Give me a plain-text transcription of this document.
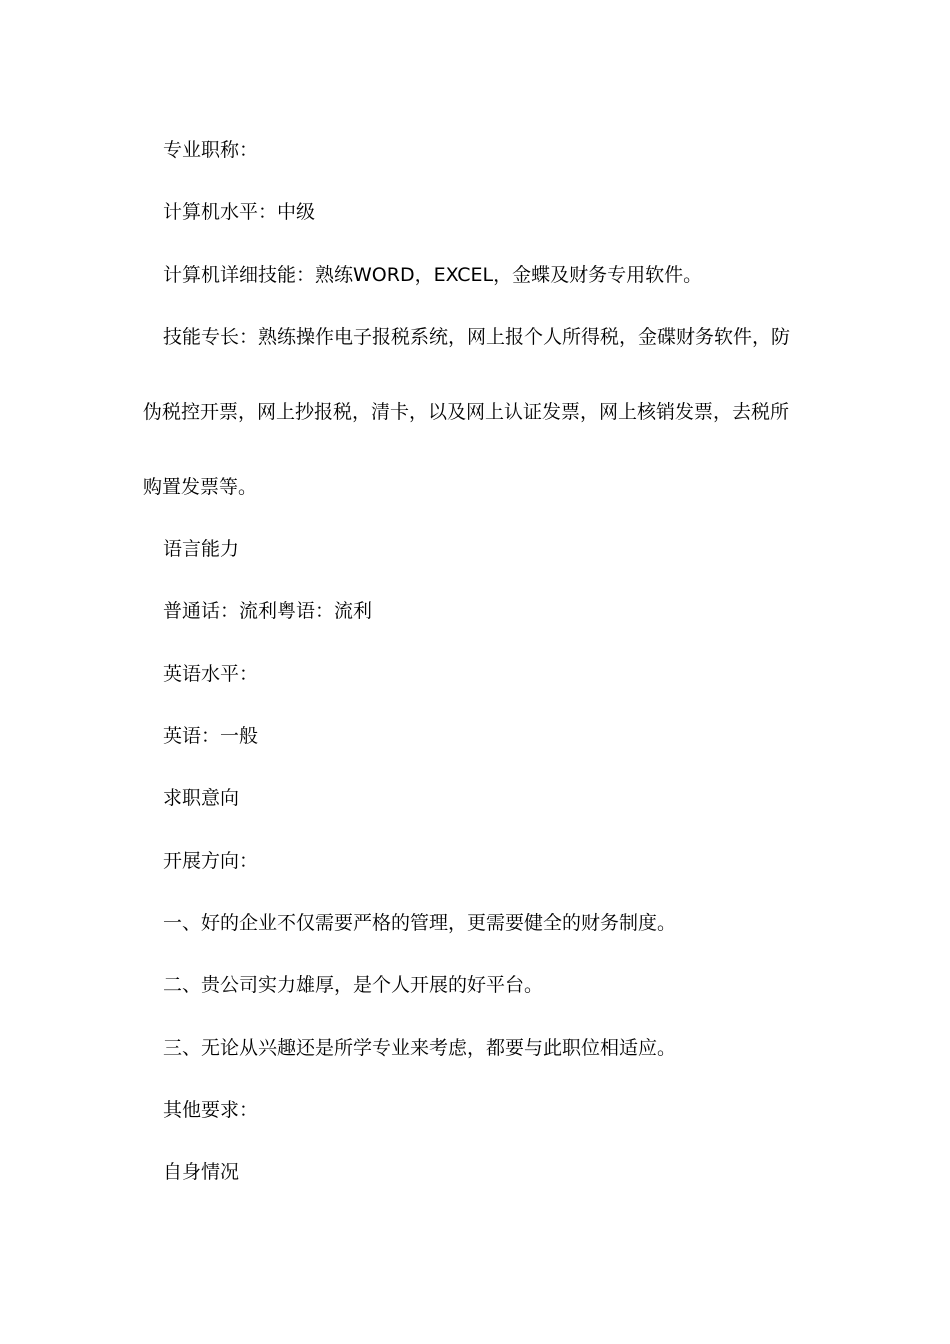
专业职称：
计算机水平：中级
计算机详细技能：熟练WORD，EXCEL，金蝶及财务专用软件。
技能专长：熟练操作电子报税系统，网上报个人所得税，金碟财务软件，防
伪税控开票，网上抄报税，清卡，以及网上认证发票，网上核销发票，去税所
购置发票等。
语言能力
普通话：流利粤语：流利
英语水平：
英语：一般
求职意向
开展方向：
一、好的企业不仅需要严格的管理，更需要健全的财务制度。
二、贵公司实力雄厚，是个人开展的好平台。
三、无论从兴趣还是所学专业来考虑，都要与此职位相适应。
其他要求：
自身情况
